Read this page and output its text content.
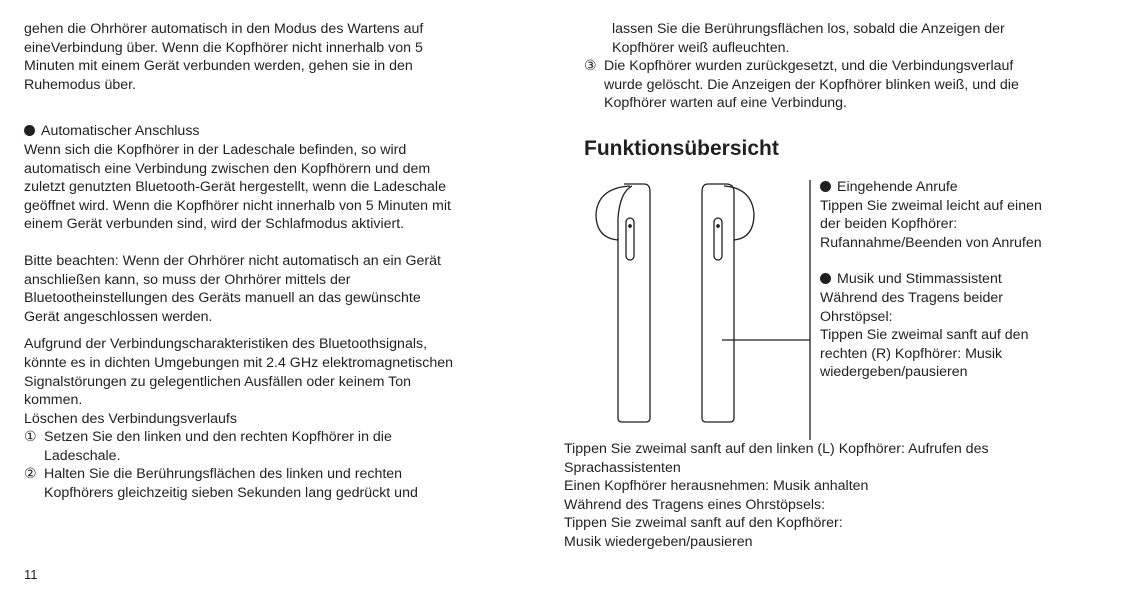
gehen die Ohrhörer automatisch in den Modus des Wartens auf

eineVerbindung über. Wenn die Kopfhörer nicht innerhalb von 5

Minuten mit einem Gerät verbunden werden, gehen sie in den

Ruhemodus über.

Automatischer Anschluss

Wenn sich die Kopfhörer in der Ladeschale befinden, so wird

automatisch eine Verbindung zwischen den Kopfhörern und dem

zuletzt genutzten Bluetooth-Gerät hergestellt, wenn die Ladeschale

geöffnet wird. Wenn die Kopfhörer nicht innerhalb von 5 Minuten mit

einem Gerät verbunden sind, wird der Schlafmodus aktiviert.

Bitte beachten: Wenn der Ohrhörer nicht automatisch an ein Gerät

anschließen kann, so muss der Ohrhörer mittels der

Bluetootheinstellungen des Geräts manuell an das gewünschte

Gerät angeschlossen werden.

Aufgrund der Verbindungscharakteristiken des Bluetoothsignals,

könnte es in dichten Umgebungen mit 2.4 GHz elektromagnetischen

Signalstörungen zu gelegentlichen Ausfällen oder keinem Ton

kommen.

Löschen des Verbindungsverlaufs

① Setzen Sie den linken und den rechten Kopfhörer in die

Ladeschale.

② Halten Sie die Berührungsflächen des linken und rechten

Kopfhörers gleichzeitig sieben Sekunden lang gedrückt und

11

lassen Sie die Berührungsflächen los, sobald die Anzeigen der

Kopfhörer weiß aufleuchten.

③ Die Kopfhörer wurden zurückgesetzt, und die Verbindungsverlauf

wurde gelöscht. Die Anzeigen der Kopfhörer blinken weiß, und die

Kopfhörer warten auf eine Verbindung.

Funktionsübersicht

Eingehende Anrufe

Tippen Sie zweimal leicht auf einen

der beiden Kopfhörer:

Rufannahme/Beenden von Anrufen

Musik und Stimmassistent

Während des Tragens beider

Ohrstöpsel:

Tippen Sie zweimal sanft auf den

rechten (R) Kopfhörer: Musik

wiedergeben/pausieren

Tippen Sie zweimal sanft auf den linken (L) Kopfhörer: Aufrufen des

Sprachassistenten

Einen Kopfhörer herausnehmen: Musik anhalten

Während des Tragens eines Ohrstöpsels:

Tippen Sie zweimal sanft auf den Kopfhörer:

Musik wiedergeben/pausieren
